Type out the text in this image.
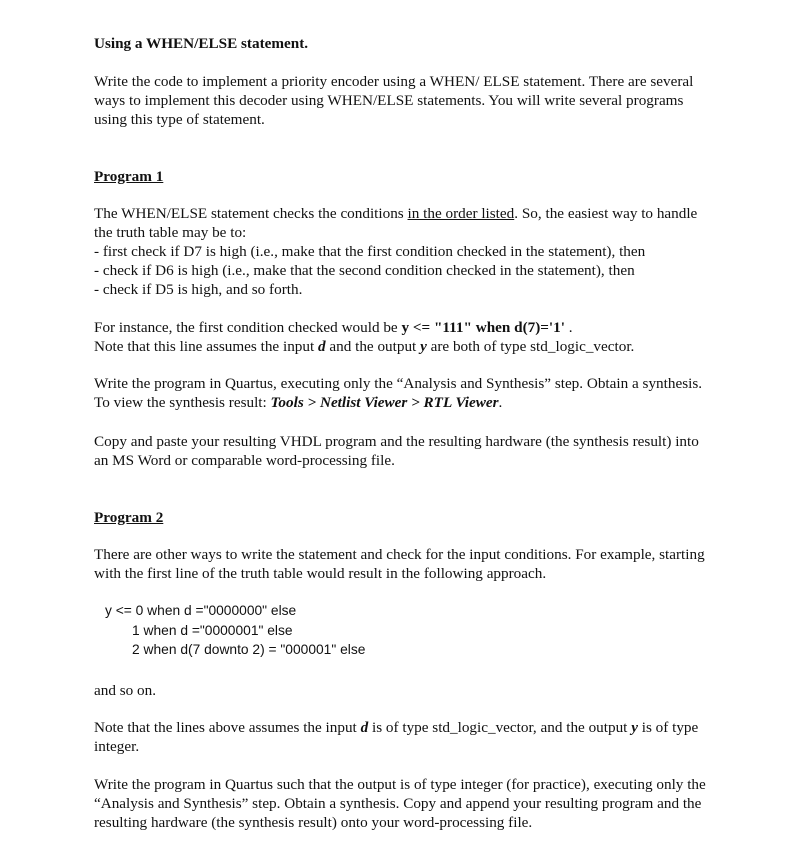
Using a WHEN/ELSE statement.
Write the code to implement a priority encoder using a WHEN/ ELSE statement. There are several
ways to implement this decoder using WHEN/ELSE statements. You will write several programs
using this type of statement.
Program 1
The WHEN/ELSE statement checks the conditions in the order listed. So, the easiest way to handle
the truth table may be to:
- first check if D7 is high (i.e., make that the first condition checked in the statement), then
- check if D6 is high (i.e., make that the second condition checked in the statement), then
- check if D5 is high, and so forth.
For instance, the first condition checked would be y <= "111" when d(7)='1' .
Note that this line assumes the input d and the output y are both of type std_logic_vector.
Write the program in Quartus, executing only the “Analysis and Synthesis” step. Obtain a synthesis.
To view the synthesis result: Tools > Netlist Viewer > RTL Viewer.
Copy and paste your resulting VHDL program and the resulting hardware (the synthesis result) into
an MS Word or comparable word-processing file.
Program 2
There are other ways to write the statement and check for the input conditions. For example, starting
with the first line of the truth table would result in the following approach.
y <= 0 when d ="0000000" else
1 when d ="0000001" else
2 when d(7 downto 2) = "000001" else
and so on.
Note that the lines above assumes the input d is of type std_logic_vector, and the output y is of type
integer.
Write the program in Quartus such that the output is of type integer (for practice), executing only the
“Analysis and Synthesis” step. Obtain a synthesis. Copy and append your resulting program and the
resulting hardware (the synthesis result) onto your word-processing file.
